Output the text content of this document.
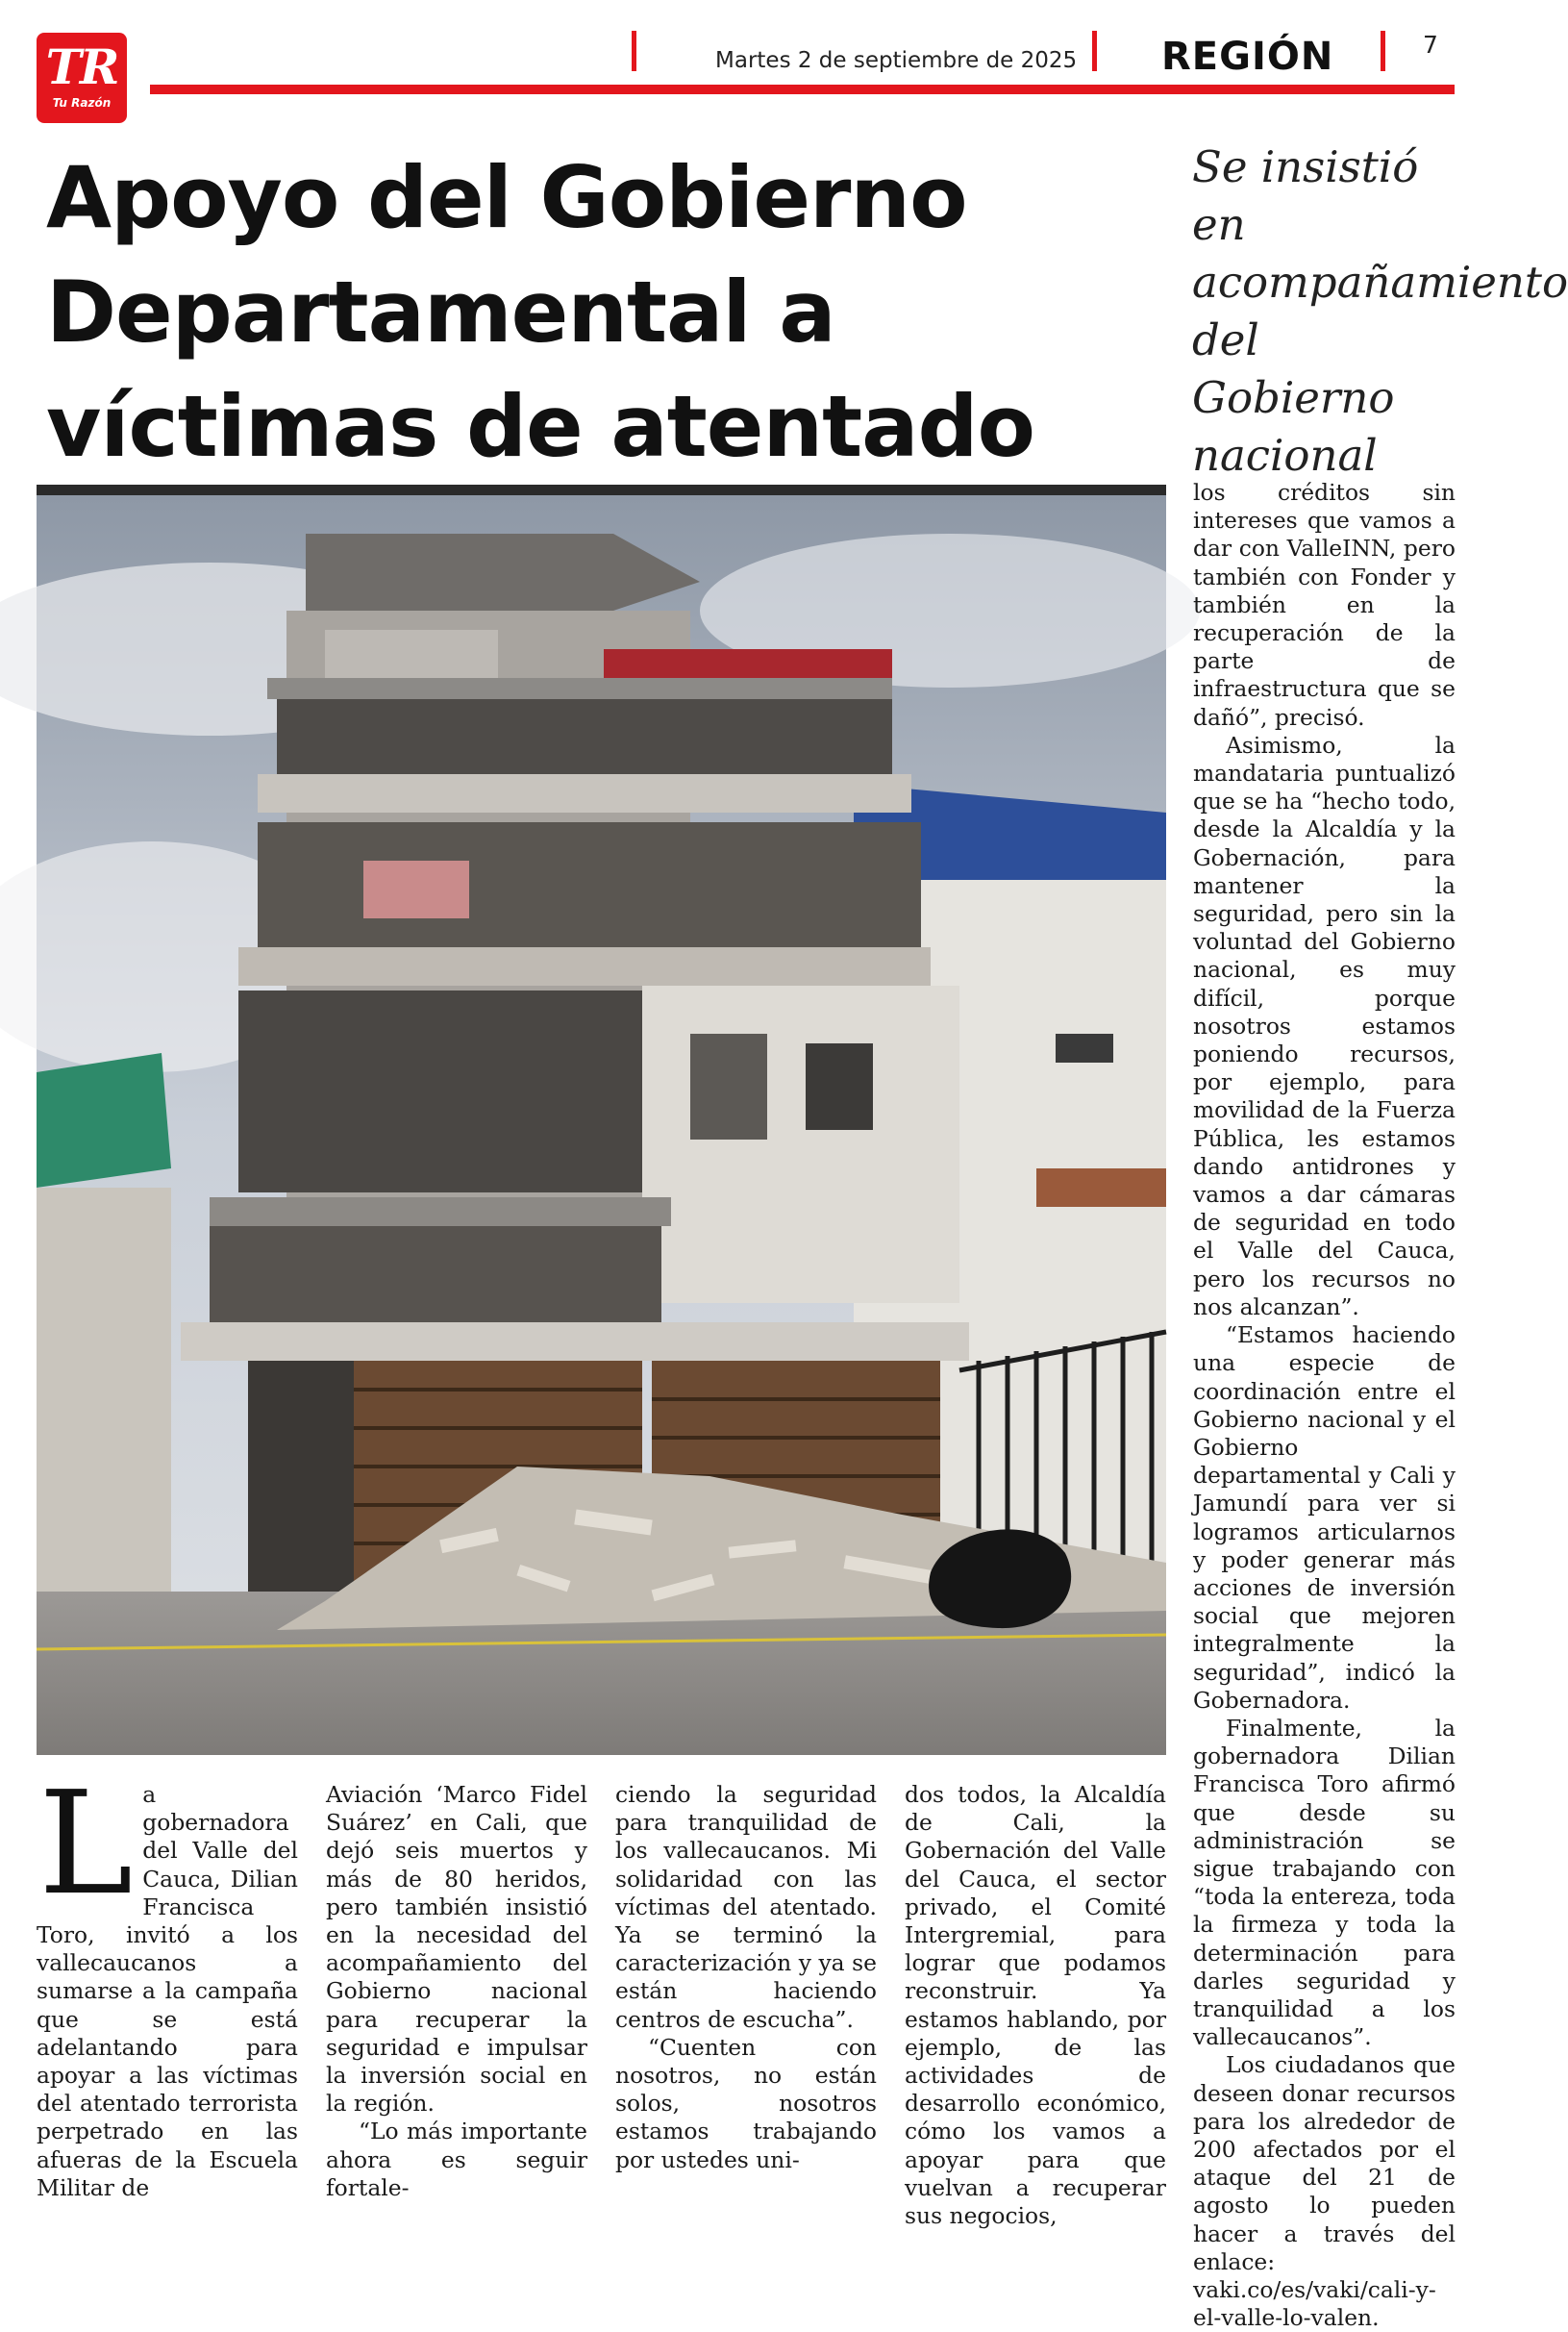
TR
Tu Razón
Martes 2 de septiembre de 2025 REGIÓN	7
Apoyo del Gobierno Departamental a víctimas de atentado
Se insistió en acompañamiento del Gobierno nacional

La gobernadora del Valle del Cauca, Dilian Francisca Toro, invitó a los vallecaucanos a sumarse a la campaña que se está adelantando para apoyar a las víctimas del atentado terrorista perpetrado en las afueras de la Escuela Militar de

Aviación ‘Marco Fidel Suárez’ en Cali, que dejó seis muertos y más de 80 heridos, pero también insistió en la necesidad del acompañamiento del Gobierno nacional para recuperar la seguridad e impulsar la inversión social en la región.

“Lo más importante ahora es seguir fortale-

ciendo la seguridad para tranquilidad de los vallecaucanos. Mi solidaridad con las víctimas del atentado. Ya se terminó la caracterización y ya se están haciendo centros de escucha”.

“Cuenten con nosotros, no están solos, nosotros estamos trabajando por ustedes uni-

dos todos, la Alcaldía de Cali, la Gobernación del Valle del Cauca, el sector privado, el Comité Intergremial, para lograr que podamos reconstruir. Ya estamos hablando, por ejemplo, de las actividades de desarrollo económico, cómo los vamos a apoyar para que vuelvan a recuperar sus negocios,

los créditos sin intereses que vamos a dar con ValleINN, pero también con Fonder y también en la recuperación de la parte de infraestructura que se dañó”, precisó.

Asimismo, la mandataria puntualizó que se ha “hecho todo, desde la Alcaldía y la Gobernación, para mantener la seguridad, pero sin la voluntad del Gobierno nacional, es muy difícil, porque nosotros estamos poniendo recursos, por ejemplo, para movilidad de la Fuerza Pública, les estamos dando antidrones y vamos a dar cámaras de seguridad en todo el Valle del Cauca, pero los recursos no nos alcanzan”.

“Estamos haciendo una especie de coordinación entre el Gobierno nacional y el Gobierno departamental y Cali y Jamundí para ver si logramos articularnos y poder generar más acciones de inversión social que mejoren integralmente la seguridad”, indicó la Gobernadora.

Finalmente, la gobernadora Dilian Francisca Toro afirmó que desde su administración se sigue trabajando con “toda la entereza, toda la firmeza y toda la determinación para darles seguridad y tranquilidad a los vallecaucanos”.

Los ciudadanos que deseen donar recursos para los alrededor de 200 afectados por el ataque del 21 de agosto lo pueden hacer a través del enlace: vaki.co/es/vaki/cali-y-el-valle-lo-valen.
